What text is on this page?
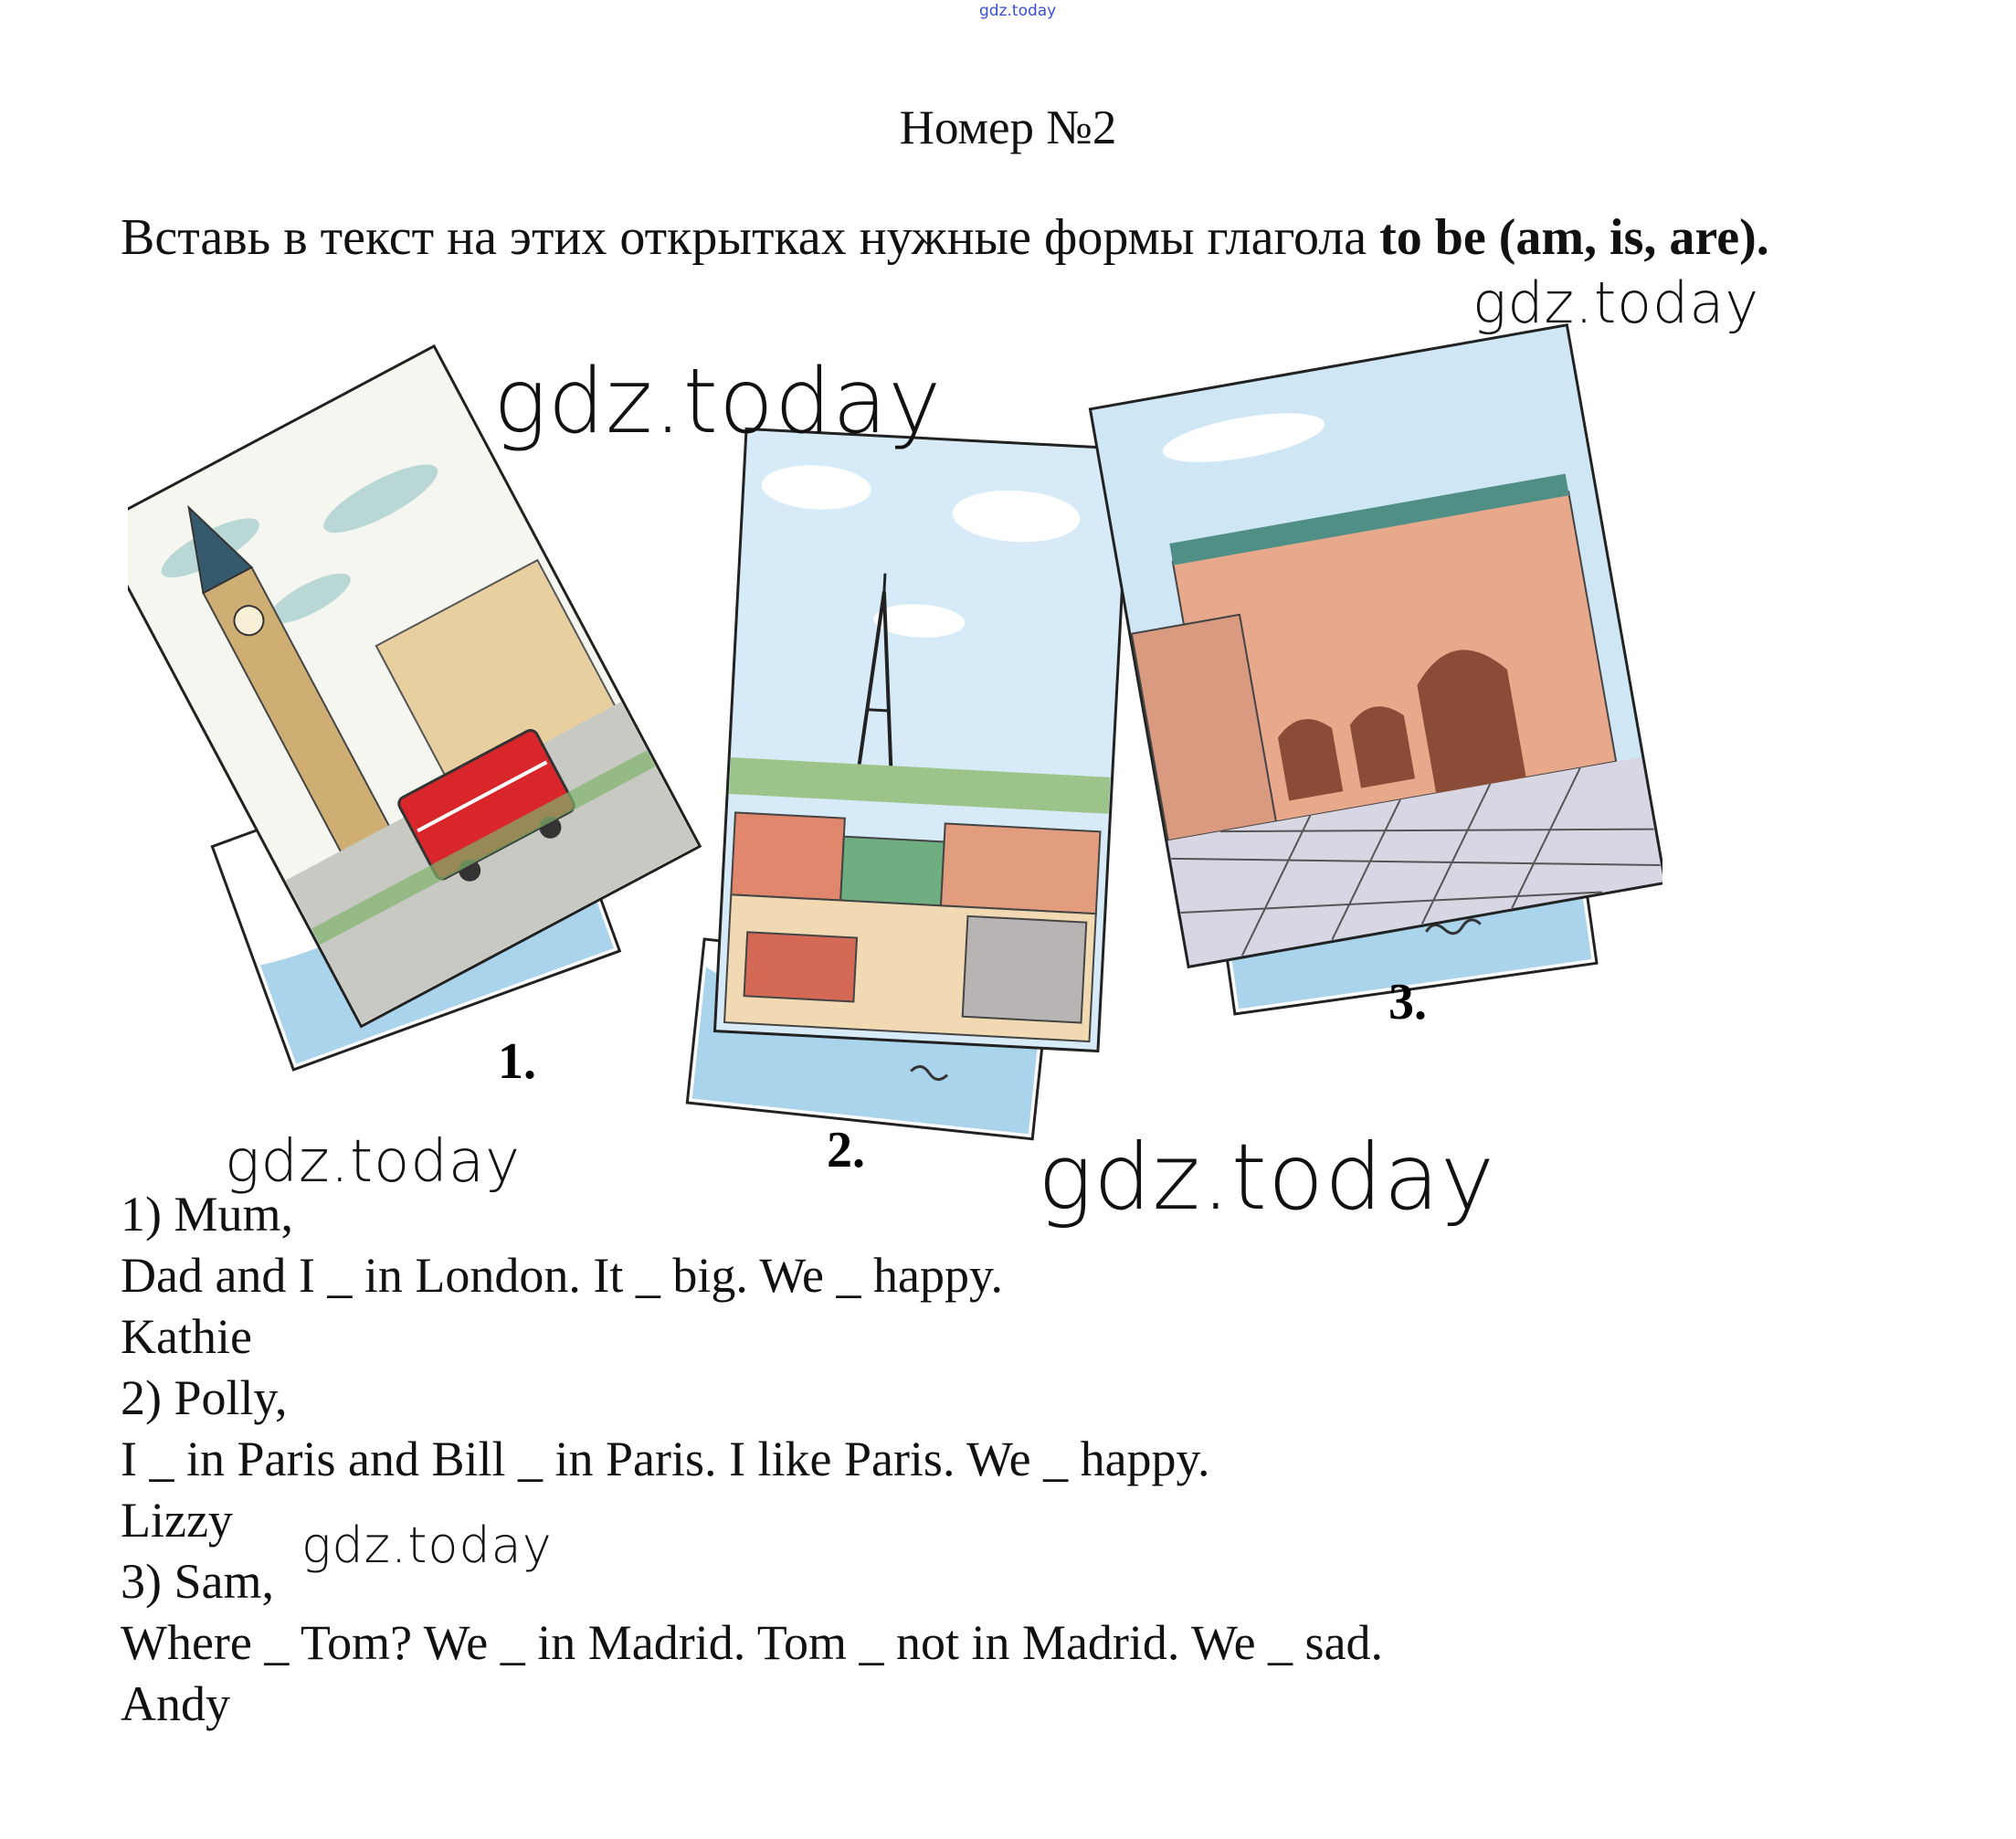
gdz.today
Номер №2
Вставь в текст на этих открытках нужные формы глагола to be (am, is, are).
1.
2.
3.
gdz.today
gdz.today
gdz.today	gdz.today
gdz.today
1) Mum,
Dad and I _ in London. It _ big. We _ happy.
Kathie
2) Polly,
I _ in Paris and Bill _ in Paris. I like Paris. We _ happy.
Lizzy
3) Sam,
Where _ Tom? We _ in Madrid. Tom _ not in Madrid. We _ sad.
Andy
